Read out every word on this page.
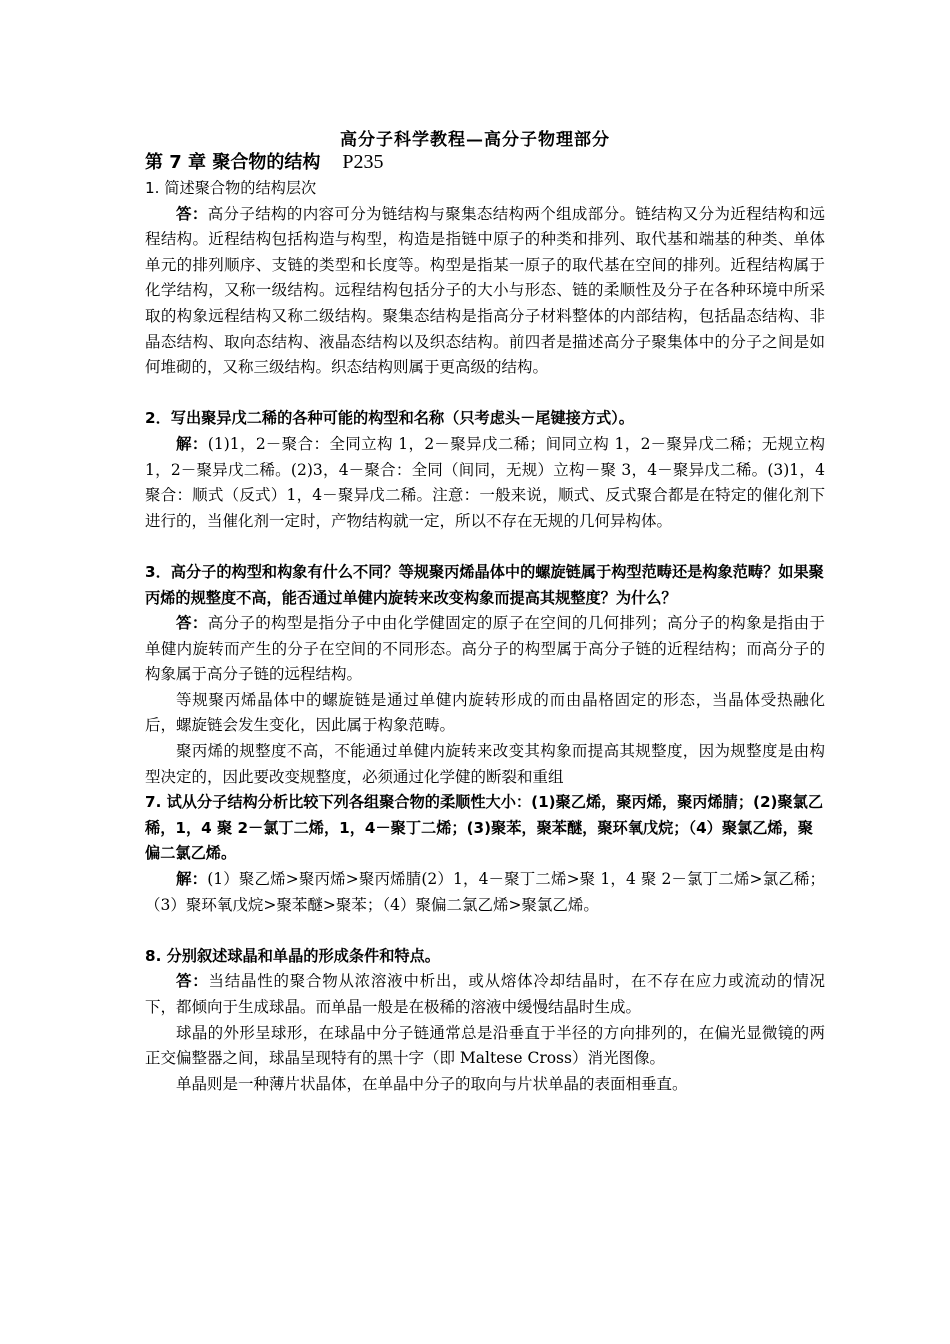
高分子科学教程—高分子物理部分
第 7 章 聚合物的结构 P235

1. 简述聚合物的结构层次

答：高分子结构的内容可分为链结构与聚集态结构两个组成部分。链结构又分为近程结构和远程结构。近程结构包括构造与构型，构造是指链中原子的种类和排列、取代基和端基的种类、单体单元的排列顺序、支链的类型和长度等。构型是指某一原子的取代基在空间的排列。近程结构属于化学结构，又称一级结构。远程结构包括分子的大小与形态、链的柔顺性及分子在各种环境中所采取的构象远程结构又称二级结构。聚集态结构是指高分子材料整体的内部结构，包括晶态结构、非晶态结构、取向态结构、液晶态结构以及织态结构。前四者是描述高分子聚集体中的分子之间是如何堆砌的，又称三级结构。织态结构则属于更高级的结构。

2．写出聚异戊二稀的各种可能的构型和名称（只考虑头－尾键接方式）。

解：(1)1，2－聚合：全同立构 1，2－聚异戊二稀；间同立构 1，2－聚异戊二稀；无规立构 1，2－聚异戊二稀。(2)3，4－聚合：全同（间同，无规）立构－聚 3，4－聚异戊二稀。(3)1，4 聚合：顺式（反式）1，4－聚异戊二稀。注意：一般来说，顺式、反式聚合都是在特定的催化剂下进行的，当催化剂一定时，产物结构就一定，所以不存在无规的几何异构体。

3．高分子的构型和构象有什么不同？等规聚丙烯晶体中的螺旋链属于构型范畴还是构象范畴？如果聚丙烯的规整度不高，能否通过单健内旋转来改变构象而提高其规整度？为什么？

答：高分子的构型是指分子中由化学健固定的原子在空间的几何排列；高分子的构象是指由于单健内旋转而产生的分子在空间的不同形态。高分子的构型属于高分子链的近程结构；而高分子的构象属于高分子链的远程结构。

等规聚丙烯晶体中的螺旋链是通过单健内旋转形成的而由晶格固定的形态，当晶体受热融化后，螺旋链会发生变化，因此属于构象范畴。

聚丙烯的规整度不高，不能通过单健内旋转来改变其构象而提高其规整度，因为规整度是由构型决定的，因此要改变规整度，必须通过化学健的断裂和重组

7. 试从分子结构分析比较下列各组聚合物的柔顺性大小：(1)聚乙烯，聚丙烯，聚丙烯腈；(2)聚氯乙稀，1，4 聚 2－氯丁二烯，1，4－聚丁二烯；(3)聚苯，聚苯醚，聚环氧戊烷；（4）聚氯乙烯，聚偏二氯乙烯。

解：(1）聚乙烯>聚丙烯>聚丙烯腈(2）1，4－聚丁二烯>聚 1，4 聚 2－氯丁二烯>氯乙稀；（3）聚环氧戊烷>聚苯醚>聚苯；（4）聚偏二氯乙烯>聚氯乙烯。

8. 分别叙述球晶和单晶的形成条件和特点。

答：当结晶性的聚合物从浓溶液中析出，或从熔体冷却结晶时，在不存在应力或流动的情况下，都倾向于生成球晶。而单晶一般是在极稀的溶液中缓慢结晶时生成。

球晶的外形呈球形，在球晶中分子链通常总是沿垂直于半径的方向排列的，在偏光显微镜的两正交偏整器之间，球晶呈现特有的黑十字（即 Maltese Cross）消光图像。

单晶则是一种薄片状晶体，在单晶中分子的取向与片状单晶的表面相垂直。
